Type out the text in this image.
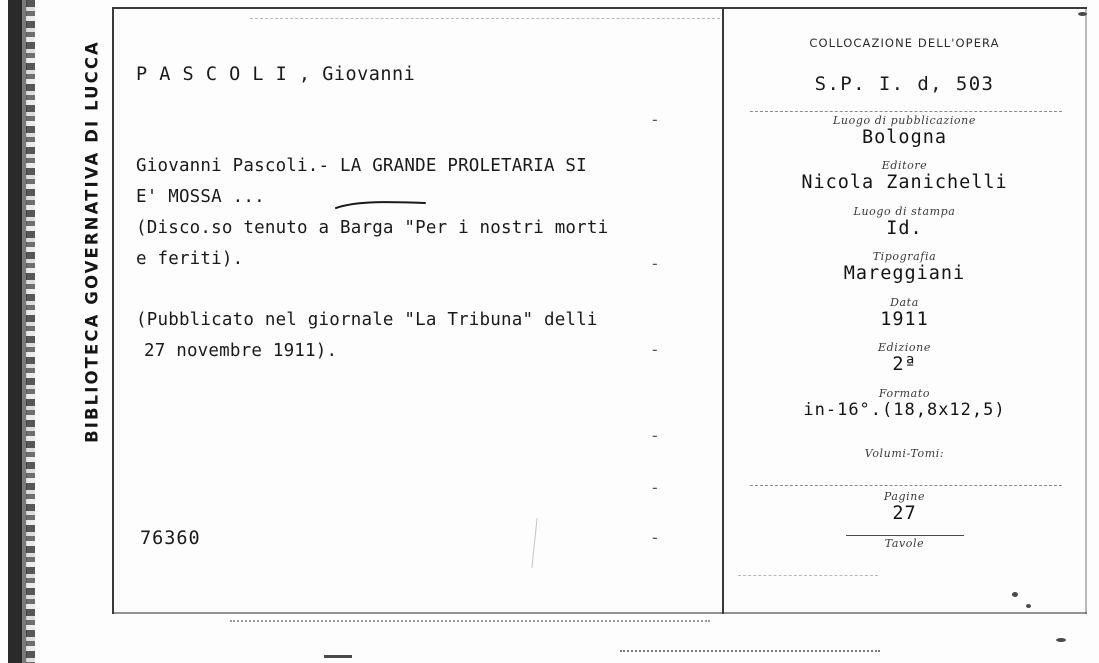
BIBLIOTECA GOVERNATIVA DI LUCCA P A S C O L I , Giovanni
Giovanni Pascoli.- LA GRANDE PROLETARIA SI
E' MOSSA ...
(Disco.so tenuto a Barga "Per i nostri morti
e feriti).
(Pubblicato nel giornale "La Tribuna" delli
27 novembre 1911).
76360
COLLOCAZIONE DELL'OPERA
S.P. I. d, 503
Luogo di pubblicazione
Bologna
Editore
Nicola Zanichelli
Luogo di stampa
Id.
Tipografia
Mareggiani
Data
1911
Edizione
2ª
Formato
in-16°.(18,8x12,5)
Volumi-Tomi:
Pagine
27
Tavole
-
-
-
-
-
-
